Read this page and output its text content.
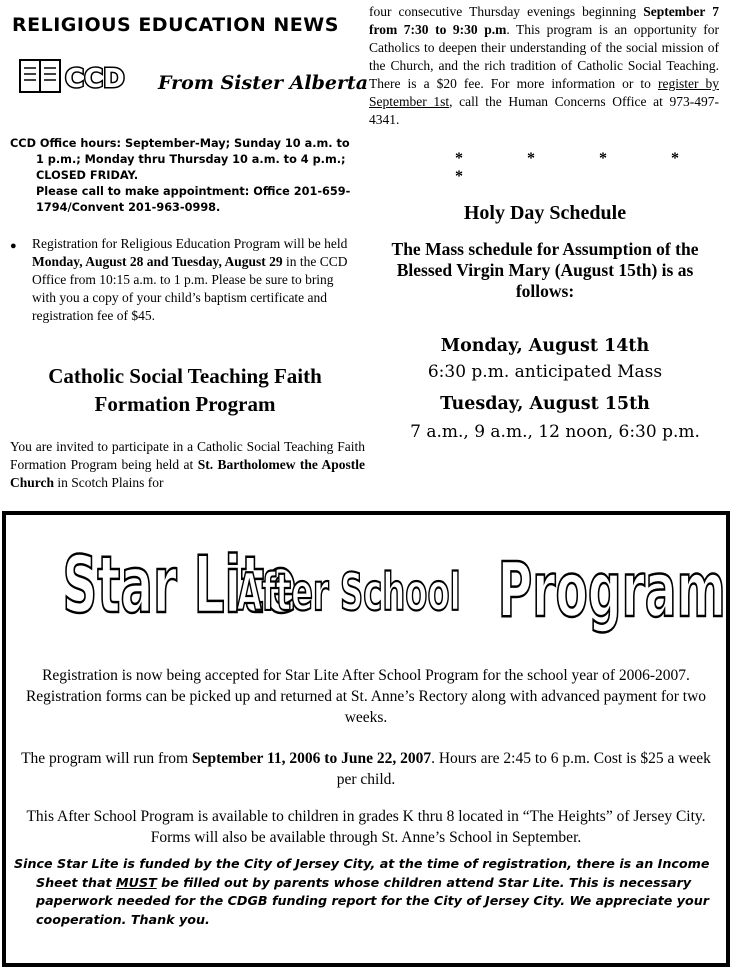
RELIGIOUS EDUCATION NEWS
CCD From Sister Alberta
CCD Office hours: September-May; Sunday 10 a.m. to 1 p.m.; Monday thru Thursday 10 a.m. to 4 p.m.; CLOSED FRIDAY.
Please call to make appointment: Office 201-659-1794/Convent 201-963-0998.
●	Registration for Religious Education Program will be held Monday, August 28 and Tuesday, August 29 in the CCD Office from 10:15 a.m. to 1 p.m. Please be sure to bring with you a copy of your child’s baptism certificate and registration fee of $45.
Catholic Social Teaching Faith Formation Program
You are invited to participate in a Catholic Social Teaching Faith Formation Program being held at St. Bartholomew the Apostle Church in Scotch Plains for
four consecutive Thursday evenings beginning September 7 from 7:30 to 9:30 p.m. This program is an opportunity for Catholics to deepen their understanding of the social mission of the Church, and the rich tradition of Catholic Social Teaching. There is a $20 fee. For more information or to register by September 1st, call the Human Concerns Office at 973-497-4341.
* * * * *
Holy Day Schedule
The Mass schedule for Assumption of the Blessed Virgin Mary (August 15th) is as follows:
Monday, August 14th
6:30 p.m. anticipated Mass
Tuesday, August 15th
7 a.m., 9 a.m., 12 noon, 6:30 p.m.
Star Lite
After School Program
Registration is now being accepted for Star Lite After School Program for the school year of 2006-2007. Registration forms can be picked up and returned at St. Anne’s Rectory along with advanced payment for two weeks.
The program will run from September 11, 2006 to June 22, 2007. Hours are 2:45 to 6 p.m. Cost is $25 a week per child.
This After School Program is available to children in grades K thru 8 located in “The Heights” of Jersey City. Forms will also be available through St. Anne’s School in September.
Since Star Lite is funded by the City of Jersey City, at the time of registration, there is an Income Sheet that MUST be filled out by parents whose children attend Star Lite. This is necessary paperwork needed for the CDGB funding report for the City of Jersey City. We appreciate your cooperation. Thank you.
